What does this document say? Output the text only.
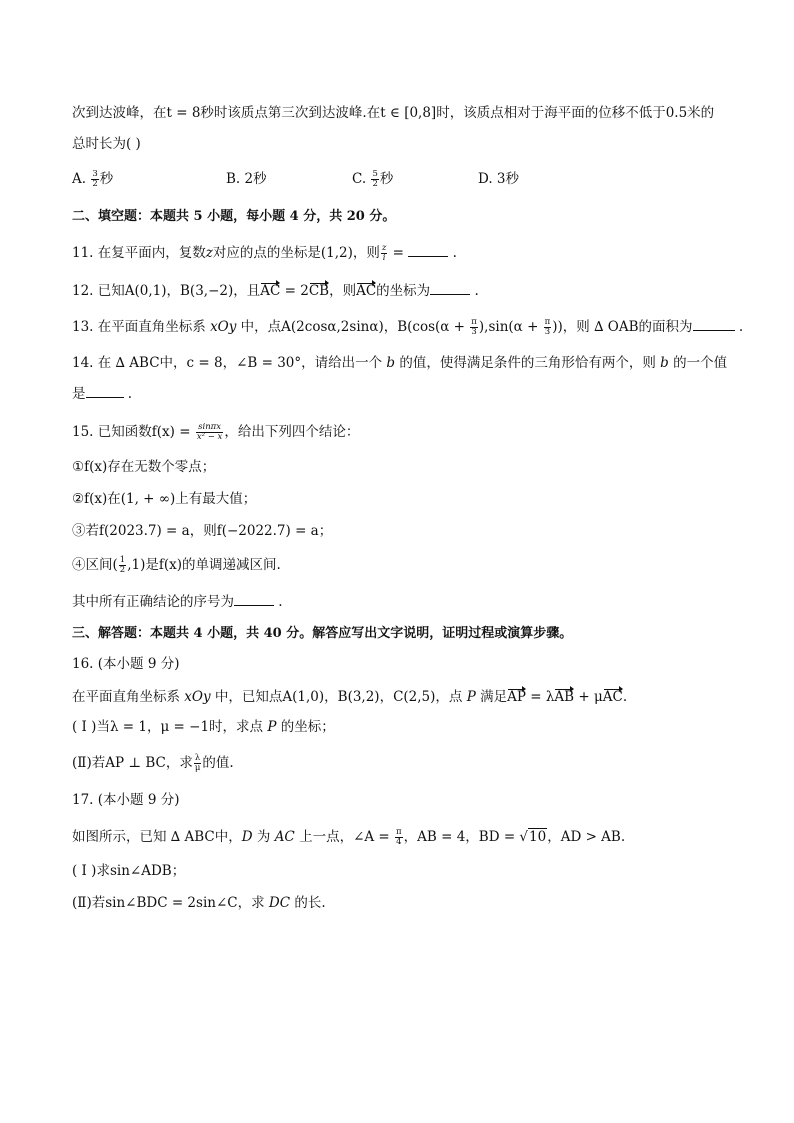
次到达波峰，在t = 8秒时该质点第三次到达波峰.在t ∈ [0,8]时，该质点相对于海平面的位移不低于0.5米的
总时长为( )
A. $\frac{3}{2}$ 秒	B. 2秒	C. $\frac{5}{2}$ 秒	D. 3秒
二、填空题：本题共 5 小题，每小题 4 分，共 20 分。
11. 在复平面内，复数z对应的点的坐标是(1,2)，则 $\frac{z}{i}$ =	.
12. 已知A(0,1)，B(3,−2)，且AC = 2CB，则AC的坐标为	.
13. 在平面直角坐标系 xOy 中，点A(2cosα,2sinα)，$B(\cos(\alpha + \frac{\pi}{3} ),\sin(\alpha + \frac{\pi}{3}$ ))，则 ∆ OAB的面积为	.
14. 在 ∆ ABC中，c = 8，∠B = 30°，请给出一个 b 的值，使得满足条件的三角形恰有两个，则 b 的一个值
是	.
15. 已知函数$f(x) = \frac{\sin\pi x}{\text{x² − x}}$ ，给出下列四个结论：
①f(x)存在无数个零点；
②f(x)在(1, + ∞)上有最大值；
③若f(2023.7) = a，则f(−2022.7) = a；
④区间( $\frac{1}{2} ,1$)是f(x)的单调递减区间.
其中所有正确结论的序号为	.
三、解答题：本题共 4 小题，共 40 分。解答应写出文字说明，证明过程或演算步骤。
16. (本小题 9 分)
在平面直角坐标系 xOy 中，已知点A(1,0)，B(3,2)，C(2,5)，点 P 满足AP = λAB + μAC.
( Ⅰ )当λ = 1，μ = −1时，求点 P 的坐标；
(Ⅱ)若AP ⊥ BC，求 $\frac{\lambda}{\mu}$ 的值.
17. (本小题 9 分)
如图所示，已知 ∆ ABC中，D 为 AC 上一点，∠A = $\frac{\pi}{4}$ ，AB = 4，BD = √10，AD > AB.
( Ⅰ )求sin∠ADB；
(Ⅱ)若sin∠BDC = 2sin∠C，求 DC 的长.
